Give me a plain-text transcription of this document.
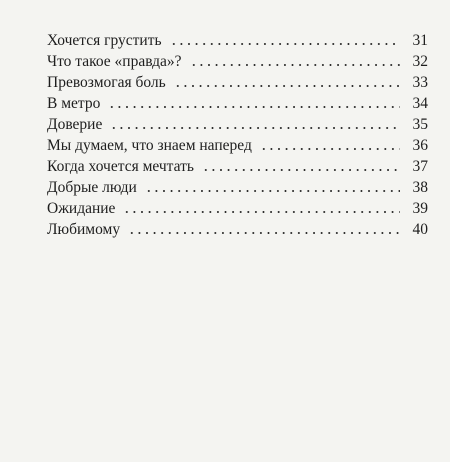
Хочется грустить	31
Что такое «правда»?	32
Превозмогая боль	33
В метро	34
Доверие	35
Мы думаем, что знаем наперед	36
Когда хочется мечтать	37
Добрые люди	38
Ожидание	39
Любимому	40
